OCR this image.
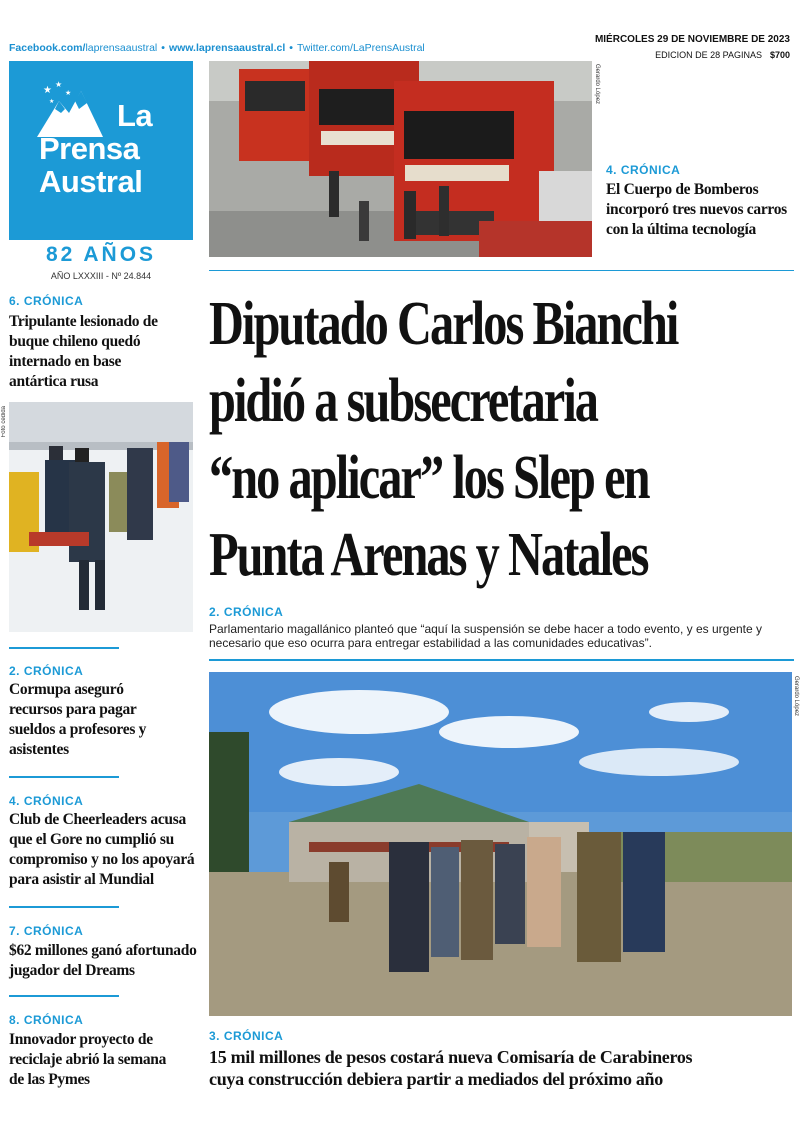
Facebook.com/laprensaaustral • www.laprensaaustral.cl • Twitter.com/LaPrensAustral
MIÉRCOLES 29 DE NOVIEMBRE DE 2023
EDICION DE 28 PAGINAS $700
★
★
★
★	La
Prensa
Austral
82 AÑOS
AÑO LXXXIII - Nº 24.844
Gerardo López
4. CRÓNICA
El Cuerpo de Bomberos incorporó tres nuevos carros con la última tecnología
6. CRÓNICA
Tripulante lesionado de buque chileno quedó internado en base antártica rusa
Foto cedida
2. CRÓNICA
Cormupa aseguró recursos para pagar sueldos a profesores y asistentes
4. CRÓNICA
Club de Cheerleaders acusa que el Gore no cumplió su compromiso y no los apoyará para asistir al Mundial
7. CRÓNICA
$62 millones ganó afortunado jugador del Dreams
8. CRÓNICA
Innovador proyecto de reciclaje abrió la semana de las Pymes
Diputado Carlos Bianchi
pidió a subsecretaria
“no aplicar” los Slep en
Punta Arenas y Natales
2. CRÓNICA
Parlamentario magallánico planteó que “aquí la suspensión se debe hacer a todo evento, y es urgente y necesario que eso ocurra para entregar estabilidad a las comunidades educativas”.
Gerardo López
3. CRÓNICA
15 mil millones de pesos costará nueva Comisaría de Carabineros
cuya construcción debiera partir a mediados del próximo año
